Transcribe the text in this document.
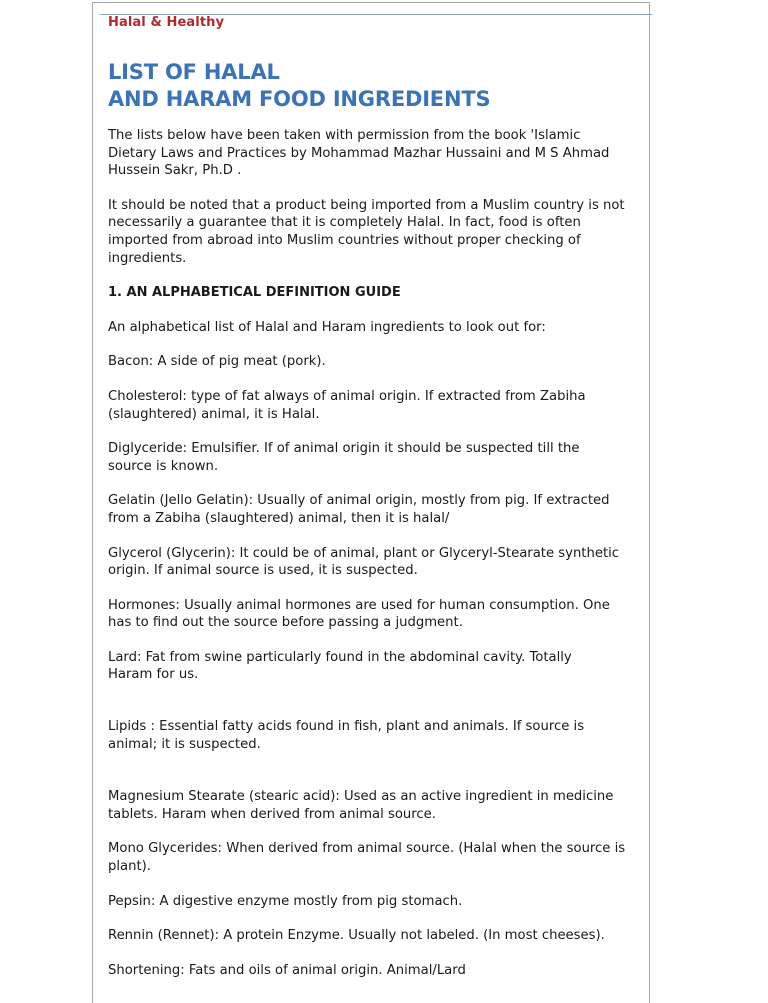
Halal & Healthy
LIST OF HALAL
AND HARAM FOOD INGREDIENTS

The lists below have been taken with permission from the book 'Islamic
Dietary Laws and Practices by Mohammad Mazhar Hussaini and M S Ahmad
Hussein Sakr, Ph.D .

It should be noted that a product being imported from a Muslim country is not
necessarily a guarantee that it is completely Halal. In fact, food is often
imported from abroad into Muslim countries without proper checking of
ingredients.

1. AN ALPHABETICAL DEFINITION GUIDE

An alphabetical list of Halal and Haram ingredients to look out for:

Bacon: A side of pig meat (pork).

Cholesterol: type of fat always of animal origin. If extracted from Zabiha
(slaughtered) animal, it is Halal.

Diglyceride: Emulsifier. If of animal origin it should be suspected till the
source is known.

Gelatin (Jello Gelatin): Usually of animal origin, mostly from pig. If extracted
from a Zabiha (slaughtered) animal, then it is halal/

Glycerol (Glycerin): It could be of animal, plant or Glyceryl-Stearate synthetic
origin. If animal source is used, it is suspected.

Hormones: Usually animal hormones are used for human consumption. One
has to find out the source before passing a judgment.

Lard: Fat from swine particularly found in the abdominal cavity. Totally
Haram for us.

Lipids : Essential fatty acids found in fish, plant and animals. If source is
animal; it is suspected.

Magnesium Stearate (stearic acid): Used as an active ingredient in medicine
tablets. Haram when derived from animal source.

Mono Glycerides: When derived from animal source. (Halal when the source is
plant).

Pepsin: A digestive enzyme mostly from pig stomach.

Rennin (Rennet): A protein Enzyme. Usually not labeled. (In most cheeses).

Shortening: Fats and oils of animal origin. Animal/Lard
